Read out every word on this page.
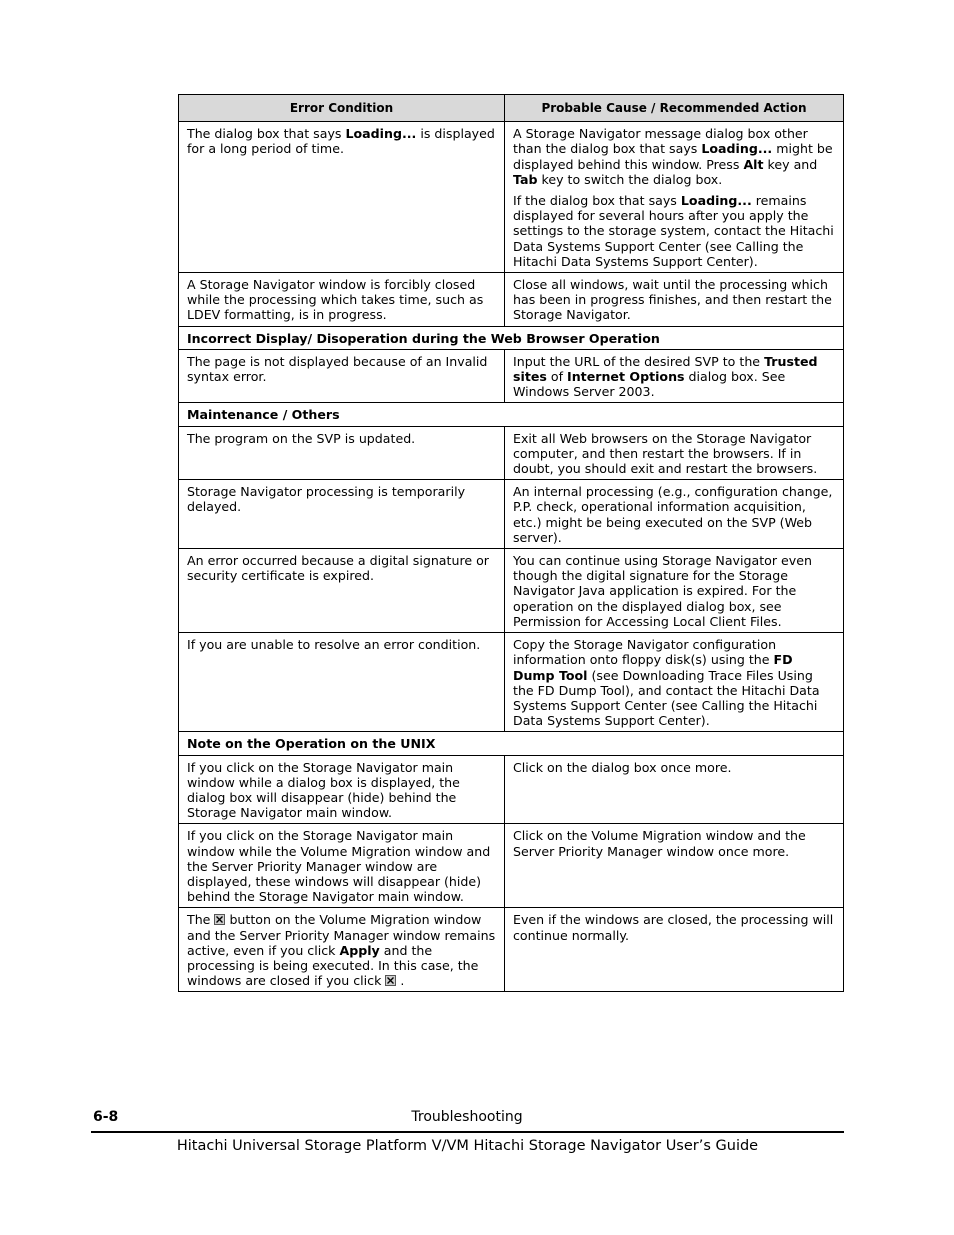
Error Condition	Probable Cause / Recommended Action
The dialog box that says Loading... is displayed for a long period of time.	A Storage Navigator message dialog box other than the dialog box that says Loading... might be displayed behind this window. Press Alt key and Tab key to switch the dialog box.

If the dialog box that says Loading... remains displayed for several hours after you apply the settings to the storage system, contact the Hitachi Data Systems Support Center (see Calling the Hitachi Data Systems Support Center).

A Storage Navigator window is forcibly closed while the processing which takes time, such as LDEV formatting, is in progress.	Close all windows, wait until the processing which has been in progress finishes, and then restart the Storage Navigator.
Incorrect Display/ Disoperation during the Web Browser Operation	
The page is not displayed because of an Invalid syntax error.	Input the URL of the desired SVP to the Trusted sites of Internet Options dialog box. See Windows Server 2003.
Maintenance / Others	
The program on the SVP is updated.	Exit all Web browsers on the Storage Navigator computer, and then restart the browsers. If in doubt, you should exit and restart the browsers.
Storage Navigator processing is temporarily delayed.	An internal processing (e.g., configuration change, P.P. check, operational information acquisition, etc.) might be being executed on the SVP (Web server).
An error occurred because a digital signature or security certificate is expired.	You can continue using Storage Navigator even though the digital signature for the Storage Navigator Java application is expired. For the operation on the displayed dialog box, see Permission for Accessing Local Client Files.
If you are unable to resolve an error condition.	Copy the Storage Navigator configuration information onto floppy disk(s) using the FD Dump Tool (see Downloading Trace Files Using the FD Dump Tool), and contact the Hitachi Data Systems Support Center (see Calling the Hitachi Data Systems Support Center).
Note on the Operation on the UNIX	
If you click on the Storage Navigator main window while a dialog box is displayed, the dialog box will disappear (hide) behind the Storage Navigator main window.	Click on the dialog box once more.
If you click on the Storage Navigator main window while the Volume Migration window and the Server Priority Manager window are displayed, these windows will disappear (hide) behind the Storage Navigator main window.	Click on the Volume Migration window and the Server Priority Manager window once more.
The
button on the Volume Migration window and the Server Priority Manager window remains active, even if you click Apply and the processing is being executed. In this case, the windows are closed if you click
.	Even if the windows are closed, the processing will continue normally.
6-8	Troubleshooting
Hitachi Universal Storage Platform V/VM Hitachi Storage Navigator User’s Guide
